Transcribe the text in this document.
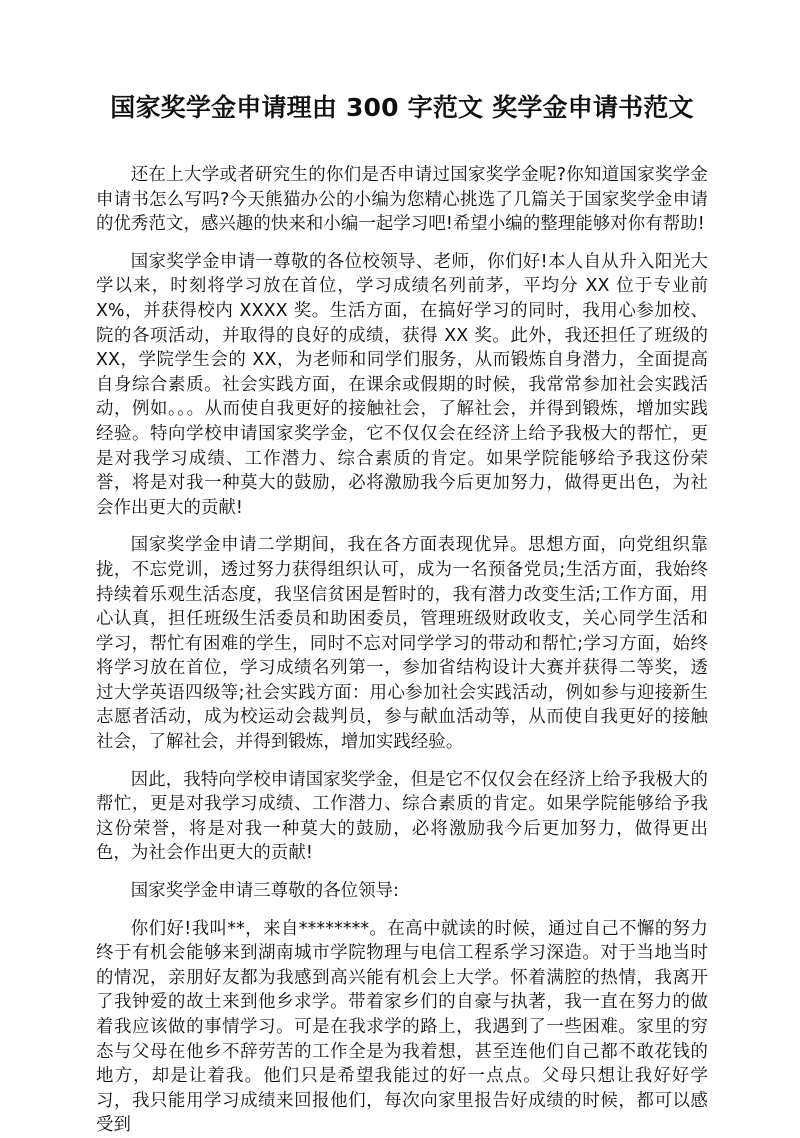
国家奖学金申请理由 300 字范文 奖学金申请书范文

还在上大学或者研究生的你们是否申请过国家奖学金呢?你知道国家奖学金申请书怎么写吗?今天熊猫办公的小编为您精心挑选了几篇关于国家奖学金申请的优秀范文，感兴趣的快来和小编一起学习吧!希望小编的整理能够对你有帮助!

国家奖学金申请一尊敬的各位校领导、老师，你们好!本人自从升入阳光大学以来，时刻将学习放在首位，学习成绩名列前茅，平均分 XX 位于专业前 X%，并获得校内 XXXX 奖。生活方面，在搞好学习的同时，我用心参加校、院的各项活动，并取得的良好的成绩，获得 XX 奖。此外，我还担任了班级的 XX，学院学生会的 XX，为老师和同学们服务，从而锻炼自身潜力，全面提高自身综合素质。社会实践方面，在课余或假期的时候，我常常参加社会实践活动，例如。。。从而使自我更好的接触社会，了解社会，并得到锻炼，增加实践经验。特向学校申请国家奖学金，它不仅仅会在经济上给予我极大的帮忙，更是对我学习成绩、工作潜力、综合素质的肯定。如果学院能够给予我这份荣誉，将是对我一种莫大的鼓励，必将激励我今后更加努力，做得更出色，为社会作出更大的贡献!

国家奖学金申请二学期间，我在各方面表现优异。思想方面，向党组织靠拢，不忘党训，透过努力获得组织认可，成为一名预备党员;生活方面，我始终持续着乐观生活态度，我坚信贫困是暂时的，我有潜力改变生活;工作方面，用心认真，担任班级生活委员和助困委员，管理班级财政收支，关心同学生活和学习，帮忙有困难的学生，同时不忘对同学学习的带动和帮忙;学习方面，始终将学习放在首位，学习成绩名列第一，参加省结构设计大赛并获得二等奖，透过大学英语四级等;社会实践方面：用心参加社会实践活动，例如参与迎接新生志愿者活动，成为校运动会裁判员，参与献血活动等，从而使自我更好的接触社会，了解社会，并得到锻炼，增加实践经验。

因此，我特向学校申请国家奖学金，但是它不仅仅会在经济上给予我极大的帮忙，更是对我学习成绩、工作潜力、综合素质的肯定。如果学院能够给予我这份荣誉，将是对我一种莫大的鼓励，必将激励我今后更加努力，做得更出色，为社会作出更大的贡献!

国家奖学金申请三尊敬的各位领导:

你们好!我叫**，来自********。在高中就读的时候，通过自己不懈的努力终于有机会能够来到湖南城市学院物理与电信工程系学习深造。对于当地当时的情况，亲朋好友都为我感到高兴能有机会上大学。怀着满腔的热情，我离开了我钟爱的故土来到他乡求学。带着家乡们的自豪与执著，我一直在努力的做着我应该做的事情学习。可是在我求学的路上，我遇到了一些困难。家里的穷态与父母在他乡不辞劳苦的工作全是为我着想，甚至连他们自己都不敢花钱的地方，却是让着我。他们只是希望我能过的好一点点。父母只想让我好好学习，我只能用学习成绩来回报他们，每次向家里报告好成绩的时候，都可以感受到
